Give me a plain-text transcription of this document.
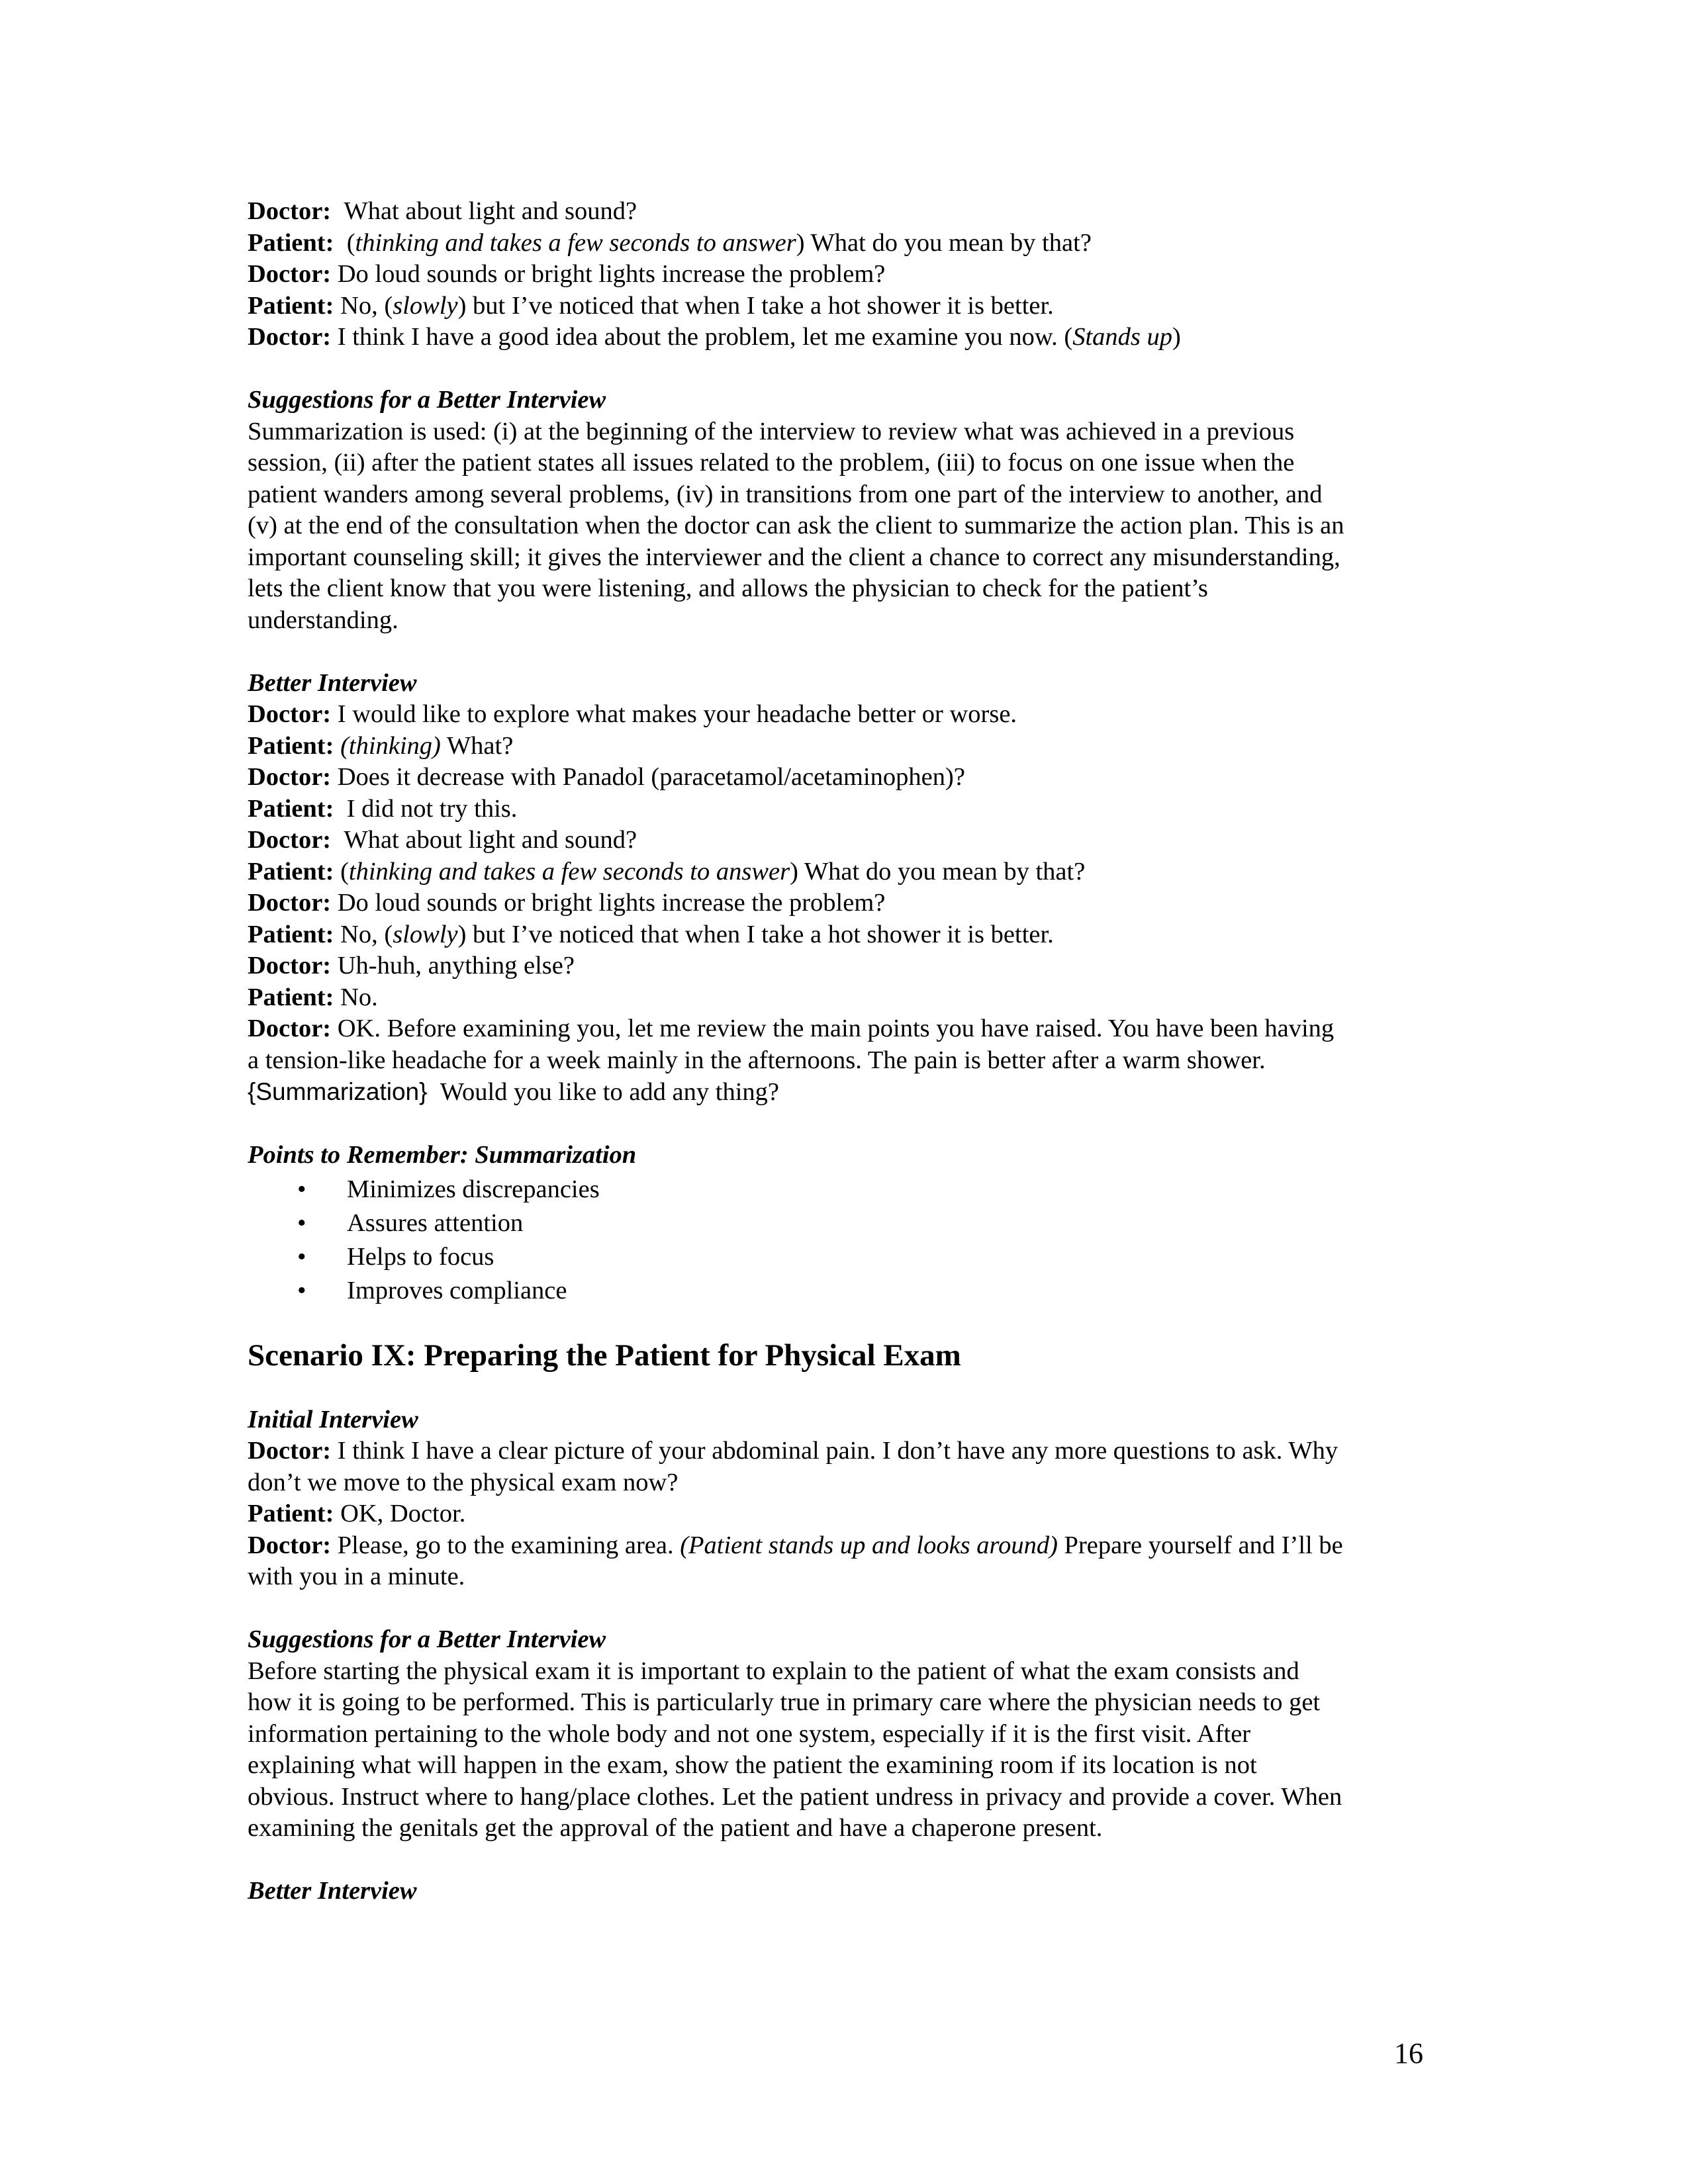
Doctor: What about light and sound?

Patient: (thinking and takes a few seconds to answer) What do you mean by that?

Doctor: Do loud sounds or bright lights increase the problem?

Patient: No, (slowly) but I’ve noticed that when I take a hot shower it is better.

Doctor: I think I have a good idea about the problem, let me examine you now. (Stands up)

Suggestions for a Better Interview

Summarization is used: (i) at the beginning of the interview to review what was achieved in a previous

session, (ii) after the patient states all issues related to the problem, (iii) to focus on one issue when the

patient wanders among several problems, (iv) in transitions from one part of the interview to another, and

(v) at the end of the consultation when the doctor can ask the client to summarize the action plan. This is an

important counseling skill; it gives the interviewer and the client a chance to correct any misunderstanding,

lets the client know that you were listening, and allows the physician to check for the patient’s

understanding.

Better Interview

Doctor: I would like to explore what makes your headache better or worse.

Patient: (thinking) What?

Doctor: Does it decrease with Panadol (paracetamol/acetaminophen)?

Patient: I did not try this.

Doctor: What about light and sound?

Patient: (thinking and takes a few seconds to answer) What do you mean by that?

Doctor: Do loud sounds or bright lights increase the problem?

Patient: No, (slowly) but I’ve noticed that when I take a hot shower it is better.

Doctor: Uh-huh, anything else?

Patient: No.

Doctor: OK. Before examining you, let me review the main points you have raised. You have been having

a tension-like headache for a week mainly in the afternoons. The pain is better after a warm shower.

{Summarization} Would you like to add any thing?

Points to Remember: Summarization
• Minimizes discrepancies
• Assures attention
• Helps to focus
• Improves compliance
Scenario IX: Preparing the Patient for Physical Exam
Initial Interview

Doctor: I think I have a clear picture of your abdominal pain. I don’t have any more questions to ask. Why

don’t we move to the physical exam now?

Patient: OK, Doctor.

Doctor: Please, go to the examining area. (Patient stands up and looks around) Prepare yourself and I’ll be

with you in a minute.

Suggestions for a Better Interview

Before starting the physical exam it is important to explain to the patient of what the exam consists and

how it is going to be performed. This is particularly true in primary care where the physician needs to get

information pertaining to the whole body and not one system, especially if it is the first visit. After

explaining what will happen in the exam, show the patient the examining room if its location is not

obvious. Instruct where to hang/place clothes. Let the patient undress in privacy and provide a cover. When

examining the genitals get the approval of the patient and have a chaperone present.

Better Interview
16
